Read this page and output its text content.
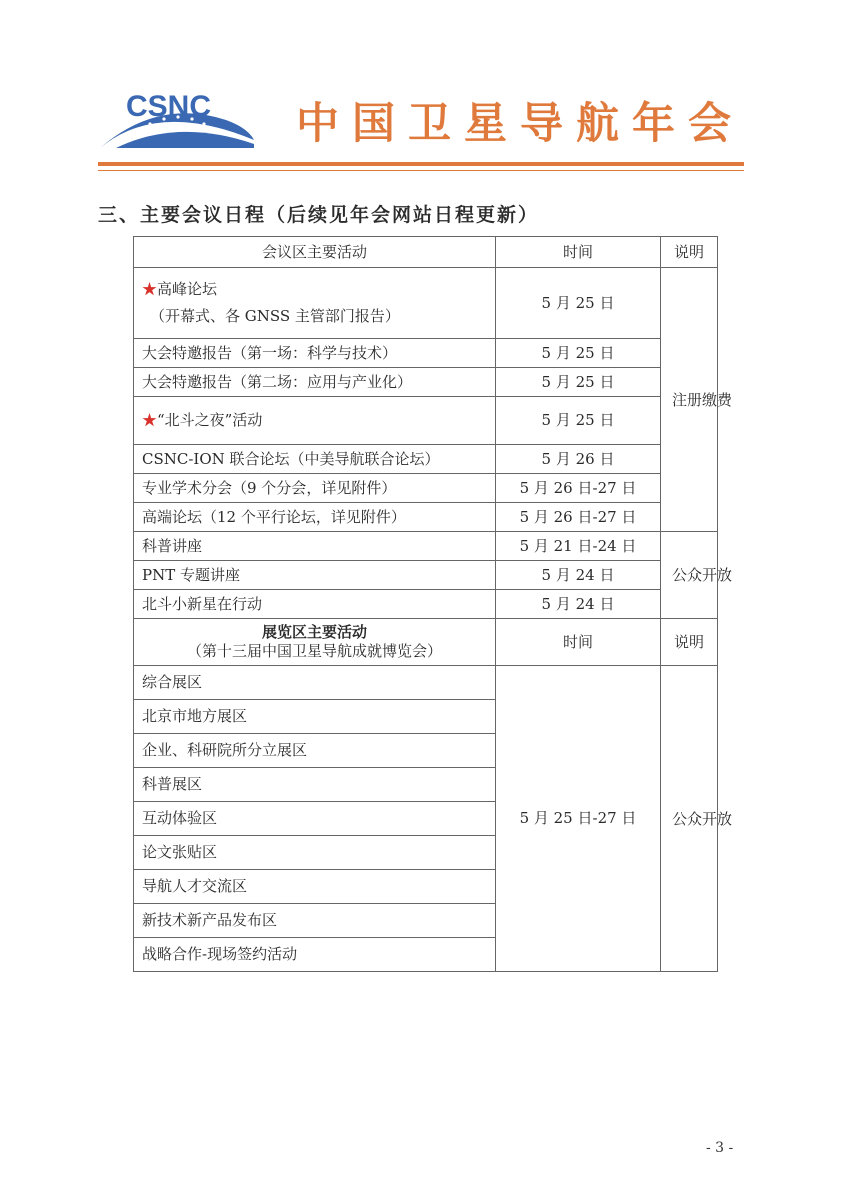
CSNC 中国卫星导航年会
三、主要会议日程（后续见年会网站日程更新）
会议区主要活动	时间	说明
★高峰论坛
（开幕式、各 GNSS 主管部门报告）	5 月 25 日	注册缴费
大会特邀报告（第一场：科学与技术）	5 月 25 日	
大会特邀报告（第二场：应用与产业化）	5 月 25 日	
★“北斗之夜”活动	5 月 25 日	
CSNC-ION 联合论坛（中美导航联合论坛）	5 月 26 日	
专业学术分会（9 个分会，详见附件）	5 月 26 日-27 日	
高端论坛（12 个平行论坛，详见附件）	5 月 26 日-27 日	
科普讲座	5 月 21 日-24 日	公众开放
PNT 专题讲座	5 月 24 日	
北斗小新星在行动	5 月 24 日	

展览区主要活动
（第十三届中国卫星导航成就博览会）	时间	说明
综合展区	5 月 25 日-27 日	公众开放
北京市地方展区		
企业、科研院所分立展区		
科普展区		
互动体验区		
论文张贴区		
导航人才交流区		
新技术新产品发布区		
战略合作-现场签约活动		
- 3 -
